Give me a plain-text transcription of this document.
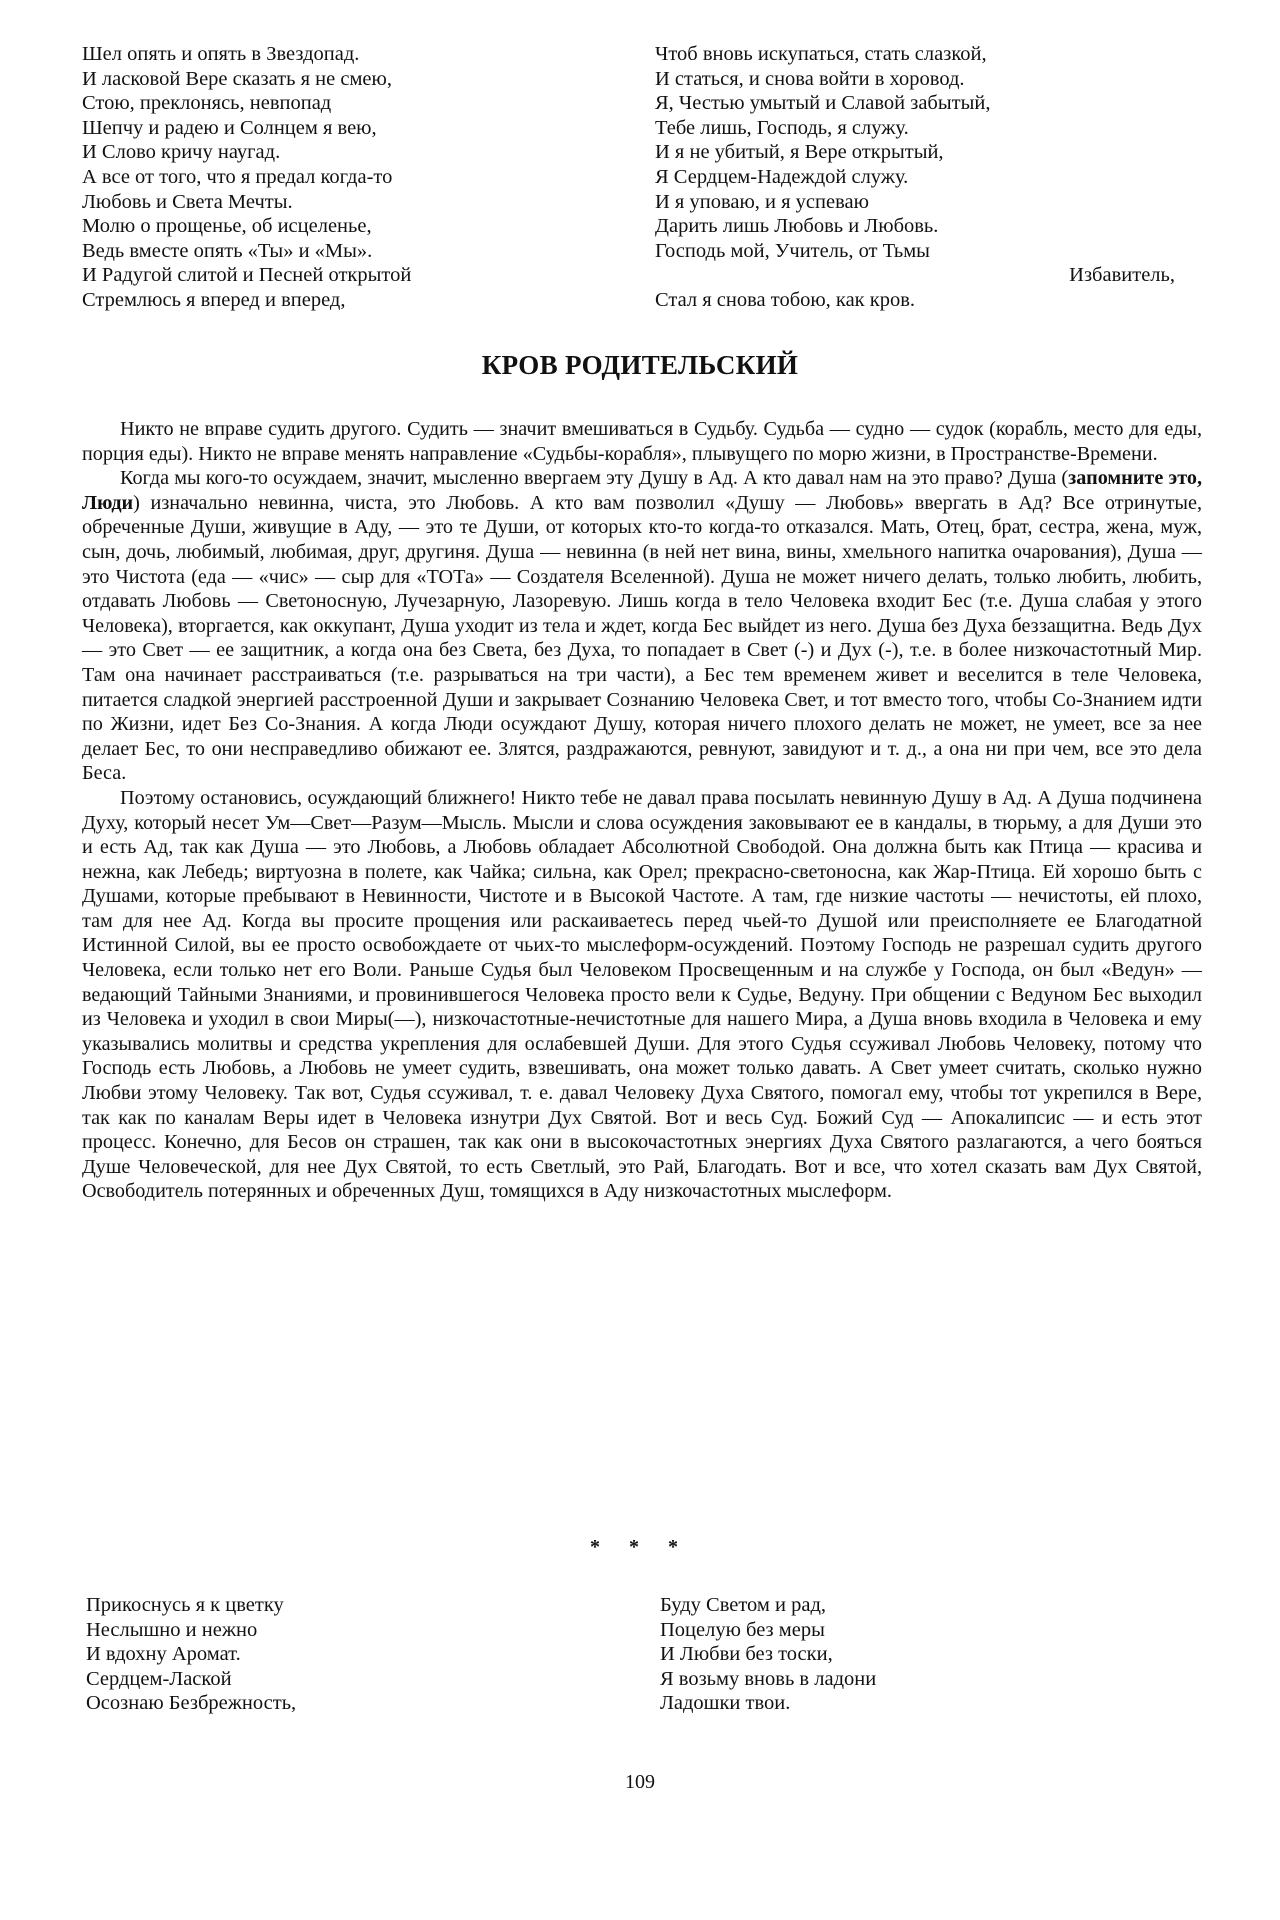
Шел опять и опять в Звездопад.
И ласковой Вере сказать я не смею,
Стою, преклонясь, невпопад
Шепчу и радею и Солнцем я вею,
И Слово кричу наугад.
А все от того, что я предал когда-то
Любовь и Света Мечты.
Молю о прощенье, об исцеленье,
Ведь вместе опять «Ты» и «Мы».
И Радугой слитой и Песней открытой
Стремлюсь я вперед и вперед,
Чтоб вновь искупаться, стать слазкой,
И статься, и снова войти в хоровод.
Я, Честью умытый и Славой забытый,
Тебе лишь, Господь, я служу.
И я не убитый, я Вере открытый,
Я Сердцем-Надеждой служу.
И я уповаю, и я успеваю
Дарить лишь Любовь и Любовь.
Господь мой, Учитель, от Тьмы
Избавитель,
Стал я снова тобою, как кров.
КРОВ РОДИТЕЛЬСКИЙ

Никто не вправе судить другого. Судить — значит вмешиваться в Судьбу. Судьба — судно — судок (корабль, место для еды, порция еды). Никто не вправе менять направление «Судьбы-корабля», плывущего по морю жизни, в Пространстве-Времени.

Когда мы кого-то осуждаем, значит, мысленно ввергаем эту Душу в Ад. А кто давал нам на это право? Душа (запомните это, Люди) изначально невинна, чиста, это Любовь. А кто вам позволил «Душу — Любовь» ввергать в Ад? Все отринутые, обреченные Души, живущие в Аду, — это те Души, от которых кто-то когда-то отказался. Мать, Отец, брат, сестра, жена, муж, сын, дочь, любимый, любимая, друг, другиня. Душа — невинна (в ней нет вина, вины, хмельного напитка очарования), Душа — это Чистота (еда — «чис» — сыр для «ТОТа» — Создателя Вселенной). Душа не может ничего делать, только любить, любить, отдавать Любовь — Светоносную, Лучезарную, Лазоревую. Лишь когда в тело Человека входит Бес (т.е. Душа слабая у этого Человека), вторгается, как оккупант, Душа уходит из тела и ждет, когда Бес выйдет из него. Душа без Духа беззащитна. Ведь Дух — это Свет — ее защитник, а когда она без Света, без Духа, то попадает в Свет (-) и Дух (-), т.е. в более низкочастотный Мир. Там она начинает расстраиваться (т.е. разрываться на три части), а Бес тем временем живет и веселится в теле Человека, питается сладкой энергией расстроенной Души и закрывает Сознанию Человека Свет, и тот вместо того, чтобы Со-Знанием идти по Жизни, идет Без Со-Знания. А когда Люди осуждают Душу, которая ничего плохого делать не может, не умеет, все за нее делает Бес, то они несправедливо обижают ее. Злятся, раздражаются, ревнуют, завидуют и т. д., а она ни при чем, все это дела Беса.

Поэтому остановись, осуждающий ближнего! Никто тебе не давал права посылать невинную Душу в Ад. А Душа подчинена Духу, который несет Ум—Свет—Разум—Мысль. Мысли и слова осуждения заковывают ее в кандалы, в тюрьму, а для Души это и есть Ад, так как Душа — это Любовь, а Любовь обладает Абсолютной Свободой. Она должна быть как Птица — красива и нежна, как Лебедь; виртуозна в полете, как Чайка; сильна, как Орел; прекрасно-светоносна, как Жар-Птица. Ей хорошо быть с Душами, которые пребывают в Невинности, Чистоте и в Высокой Частоте. А там, где низкие частоты — нечистоты, ей плохо, там для нее Ад. Когда вы просите прощения или раскаиваетесь перед чьей-то Душой или преисполняете ее Благодатной Истинной Силой, вы ее просто освобождаете от чьих-то мыслеформ-осуждений. Поэтому Господь не разрешал судить другого Человека, если только нет его Воли. Раньше Судья был Человеком Просвещенным и на службе у Господа, он был «Ведун» — ведающий Тайными Знаниями, и провинившегося Человека просто вели к Судье, Ведуну. При общении с Ведуном Бес выходил из Человека и уходил в свои Миры(—), низкочастотные-нечистотные для нашего Мира, а Душа вновь входила в Человека и ему указывались молитвы и средства укрепления для ослабевшей Души. Для этого Судья ссуживал Любовь Человеку, потому что Господь есть Любовь, а Любовь не умеет судить, взвешивать, она может только давать. А Свет умеет считать, сколько нужно Любви этому Человеку. Так вот, Судья ссуживал, т. е. давал Человеку Духа Святого, помогал ему, чтобы тот укрепился в Вере, так как по каналам Веры идет в Человека изнутри Дух Святой. Вот и весь Суд. Божий Суд — Апокалипсис — и есть этот процесс. Конечно, для Бесов он страшен, так как они в высокочастотных энергиях Духа Святого разлагаются, а чего бояться Душе Человеческой, для нее Дух Святой, то есть Светлый, это Рай, Благодать. Вот и все, что хотел сказать вам Дух Святой, Освободитель потерянных и обреченных Душ, томящихся в Аду низкочастотных мыслеформ.

* * *
Прикоснусь я к цветку
Неслышно и нежно
И вдохну Аромат.
Сердцем-Лаской
Осознаю Безбрежность,
Буду Светом и рад,
Поцелую без меры
И Любви без тоски,
Я возьму вновь в ладони
Ладошки твои.
109
